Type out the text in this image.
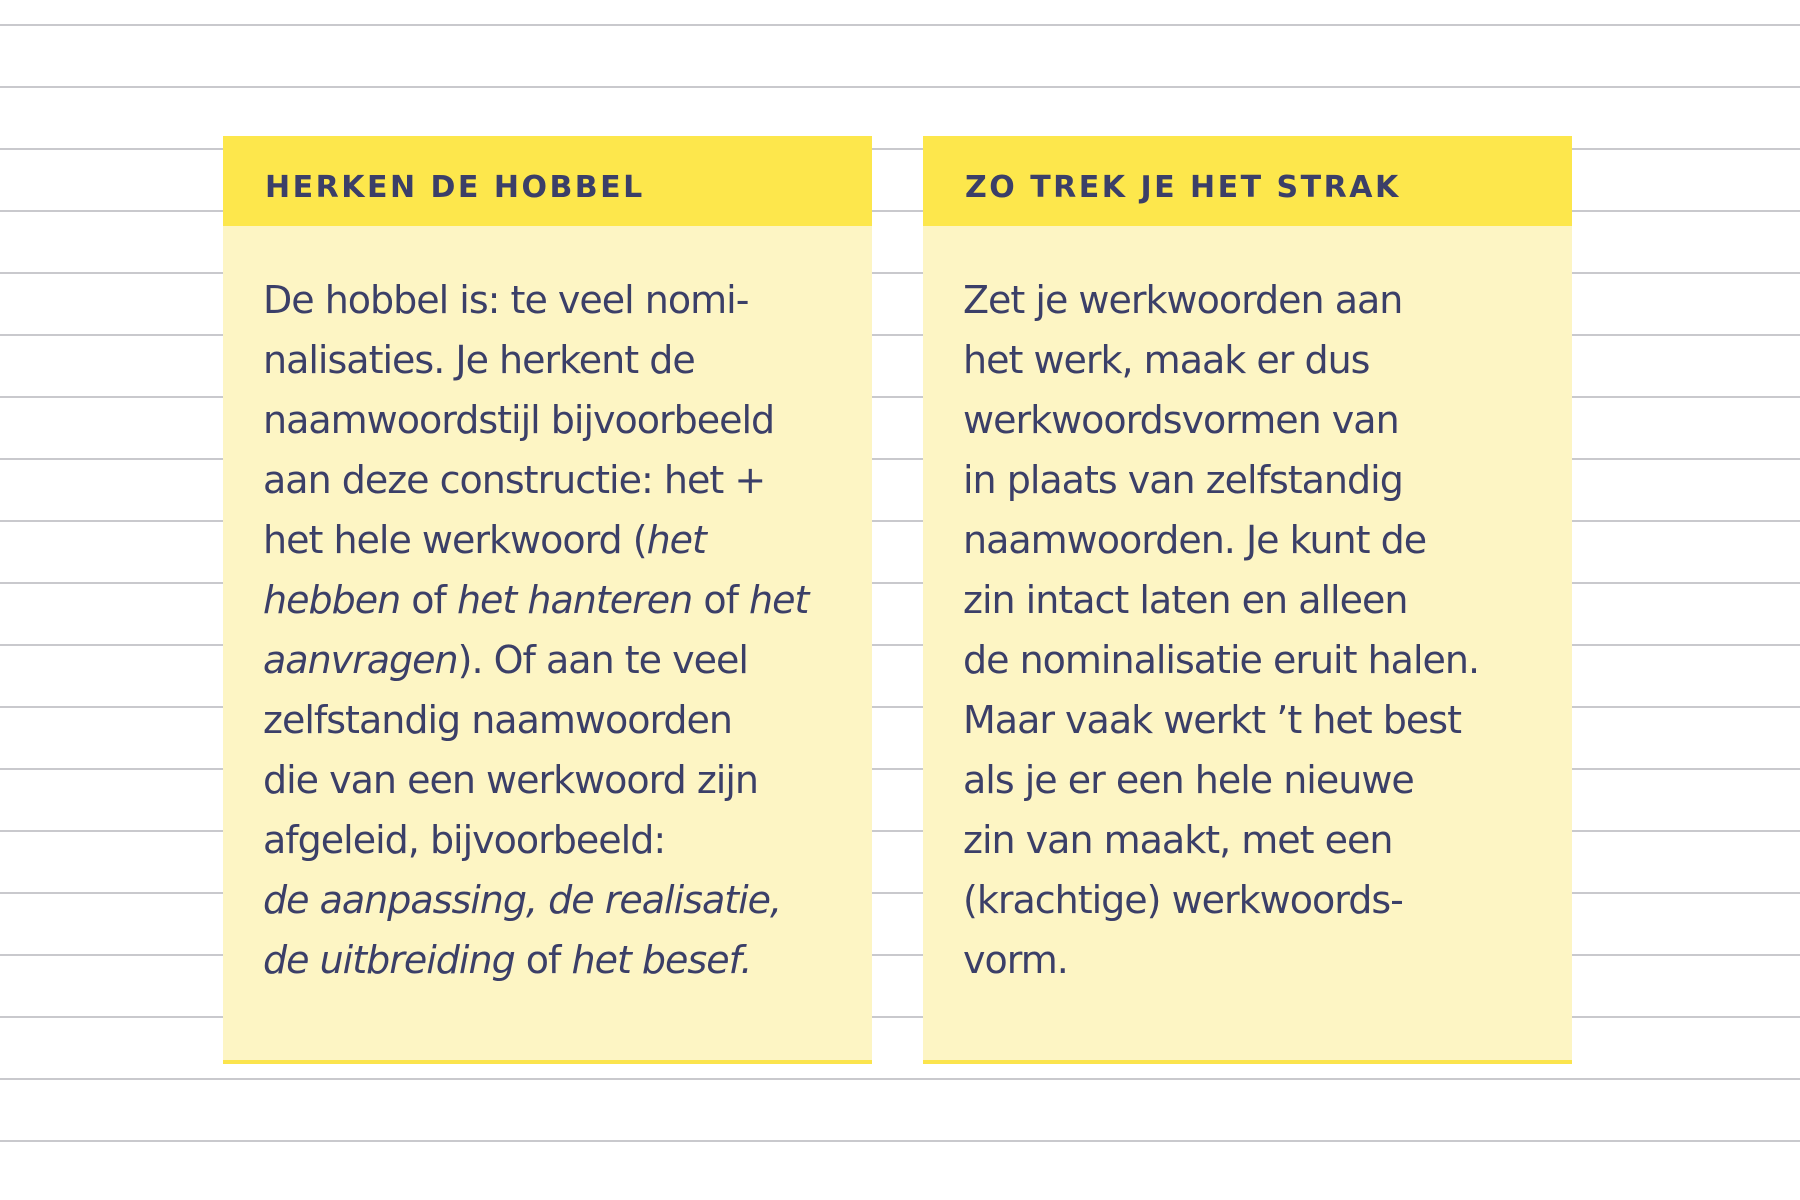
HERKEN DE HOBBEL
De hobbel is: te veel nomi-
nalisaties. Je herkent de
naamwoordstijl bijvoorbeeld
aan deze constructie: het +
het hele werkwoord (het
hebben of het hanteren of het
aanvragen). Of aan te veel
zelfstandig naamwoorden
die van een werkwoord zijn
afgeleid, bijvoorbeeld:
de aanpassing, de realisatie,
de uitbreiding of het besef.
ZO TREK JE HET STRAK
Zet je werkwoorden aan
het werk, maak er dus
werkwoordsvormen van
in plaats van zelfstandig
naamwoorden. Je kunt de
zin intact laten en alleen
de nominalisatie eruit halen.
Maar vaak werkt ’t het best
als je er een hele nieuwe
zin van maakt, met een
(krachtige) werkwoords-
vorm.
